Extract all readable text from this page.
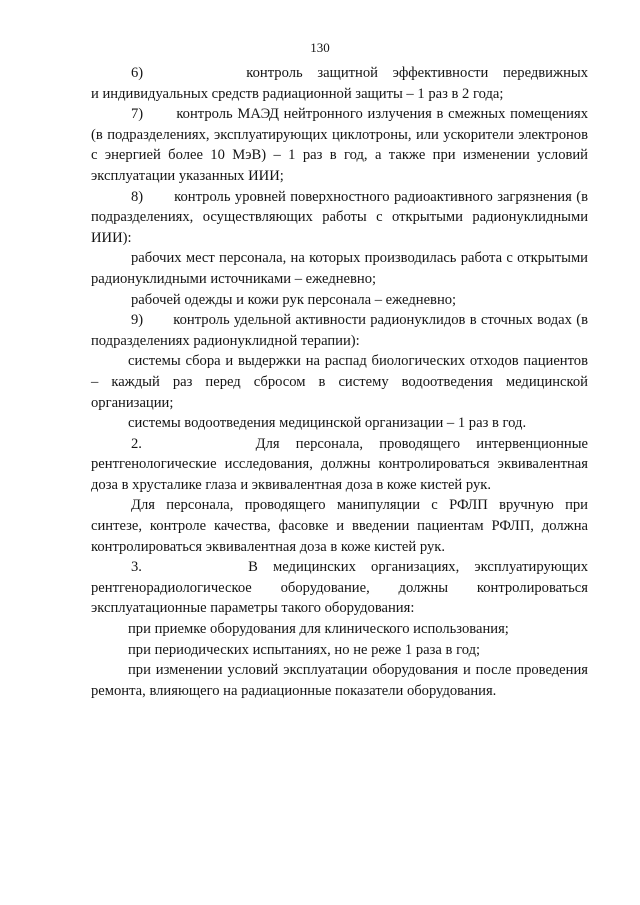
130

6)       контроль защитной эффективности передвижных

и индивидуальных средств радиационной защиты – 1 раз в 2 года;

7)       контроль МАЭД нейтронного излучения в смежных помещениях (в подразделениях, эксплуатирующих циклотроны, или ускорители электронов с энергией более 10 МэВ) – 1 раз в год, а также при изменении условий эксплуатации указанных ИИИ;

8)       контроль уровней поверхностного радиоактивного загрязнения (в подразделениях, осуществляющих работы с открытыми радионуклидными ИИИ):

рабочих мест персонала, на которых производилась работа с открытыми радионуклидными источниками – ежедневно;

рабочей одежды и кожи рук персонала – ежедневно;

9)       контроль удельной активности радионуклидов в сточных водах (в подразделениях радионуклидной терапии):

системы сбора и выдержки на распад биологических отходов пациентов – каждый раз перед сбросом в систему водоотведения медицинской организации;

системы водоотведения медицинской организации – 1 раз в год.

2.       Для персонала, проводящего интервенционные рентгенологические исследования, должны контролироваться эквивалентная доза в хрусталике глаза и эквивалентная доза в коже кистей рук.

Для персонала, проводящего манипуляции с РФЛП вручную при синтезе, контроле качества, фасовке и введении пациентам РФЛП, должна контролироваться эквивалентная доза в коже кистей рук.

3.       В медицинских организациях, эксплуатирующих рентгенорадиологическое оборудование, должны контролироваться эксплуатационные параметры такого оборудования:

при приемке оборудования для клинического использования;

при периодических испытаниях, но не реже 1 раза в год;

при изменении условий эксплуатации оборудования и после проведения ремонта, влияющего на радиационные показатели оборудования.
